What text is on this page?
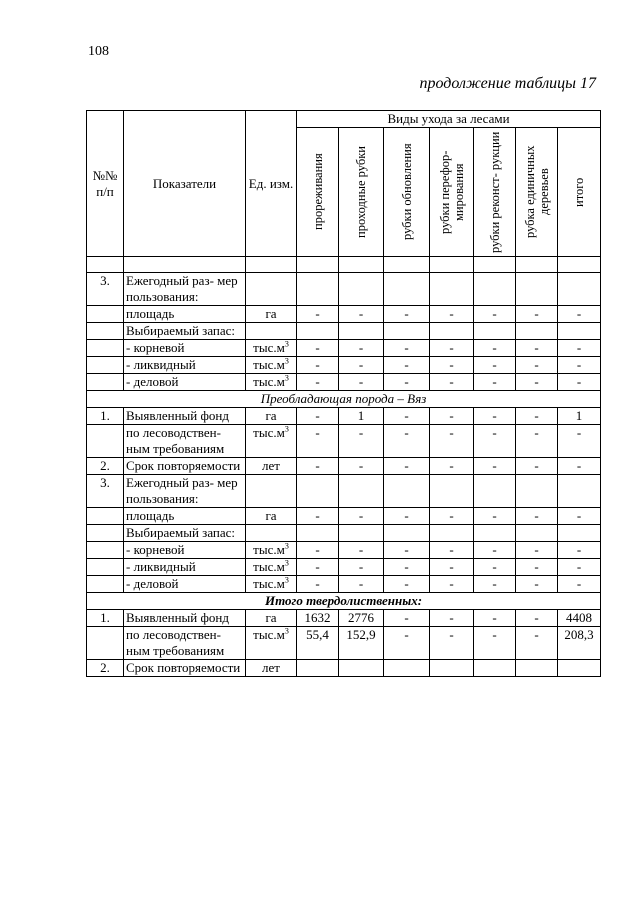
108
продолжение таблицы 17
№№ п/п	Показатели	Ед. изм.	Виды ухода за лесами						

			прореживания	проходные рубки	рубки обновления	рубки перефор- мирования	рубки реконст- рукции	рубка единичных деревьев	итого

3.	Ежегодный раз- мер пользования:								
	площадь	га	-	-	-	-	-	-	-
	Выбираемый запас:								
	- корневой	$тыс.м^3$	-	-	-	-	-	-	-
	- ликвидный	$тыс.м^3$	-	-	-	-	-	-	-
	- деловой	$тыс.м^3$	-	-	-	-	-	-	-
Преобладающая порода – Вяз									
1.	Выявленный фонд	га	-	1	-	-	-	-	1
	по лесоводствен- ным требованиям	$тыс.м^3$	-	-	-	-	-	-	-
2.	Срок повторяемости	лет	-	-	-	-	-	-	-
3.	Ежегодный раз- мер пользования:								
	площадь	га	-	-	-	-	-	-	-
	Выбираемый запас:								
	- корневой	$тыс.м^3$	-	-	-	-	-	-	-
	- ликвидный	$тыс.м^3$	-	-	-	-	-	-	-
	- деловой	$тыс.м^3$	-	-	-	-	-	-	-
Итого твердолиственных:									
1.	Выявленный фонд	га	1632	2776	-	-	-	-	4408
	по лесоводствен- ным требованиям	$тыс.м^3$	55,4	152,9	-	-	-	-	208,3
2.	Срок повторяемости	лет							
